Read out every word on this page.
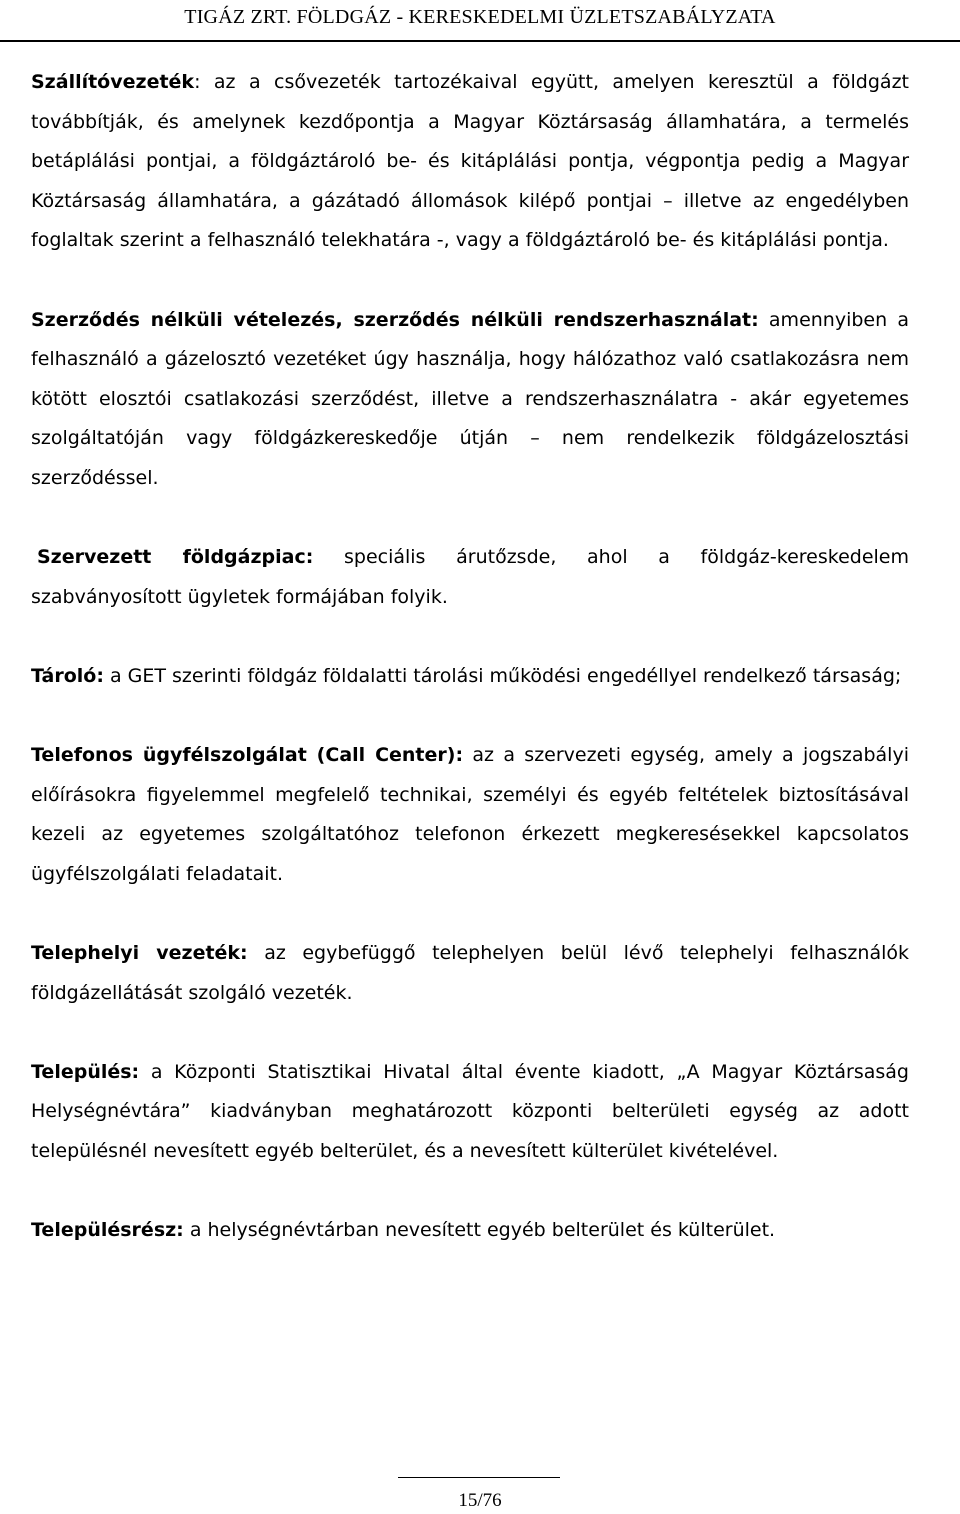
TIGÁZ ZRT. FÖLDGÁZ - KERESKEDELMI ÜZLETSZABÁLYZATA

Szállítóvezeték: az a csővezeték tartozékaival együtt, amelyen keresztül a földgázt továbbítják, és amelynek kezdőpontja a Magyar Köztársaság államhatára, a termelés betáplálási pontjai, a földgáztároló be- és kitáplálási pontja, végpontja pedig a Magyar Köztársaság államhatára, a gázátadó állomások kilépő pontjai – illetve az engedélyben foglaltak szerint a felhasználó telekhatára -, vagy a földgáztároló be- és kitáplálási pontja.

Szerződés nélküli vételezés, szerződés nélküli rendszerhasználat: amennyiben a felhasználó a gázelosztó vezetéket úgy használja, hogy hálózathoz való csatlakozásra nem kötött elosztói csatlakozási szerződést, illetve a rendszerhasználatra - akár egyetemes szolgáltatóján vagy földgázkereskedője útján – nem rendelkezik földgázelosztási szerződéssel.

Szervezett földgázpiac: speciális árutőzsde, ahol a földgáz-kereskedelem szabványosított ügyletek formájában folyik.

Tároló: a GET szerinti földgáz földalatti tárolási működési engedéllyel rendelkező társaság;

Telefonos ügyfélszolgálat (Call Center): az a szervezeti egység, amely a jogszabályi előírásokra figyelemmel megfelelő technikai, személyi és egyéb feltételek biztosításával kezeli az egyetemes szolgáltatóhoz telefonon érkezett megkeresésekkel kapcsolatos ügyfélszolgálati feladatait.

Telephelyi vezeték: az egybefüggő telephelyen belül lévő telephelyi felhasználók földgázellátását szolgáló vezeték.

Település: a Központi Statisztikai Hivatal által évente kiadott, „A Magyar Köztársaság Helységnévtára” kiadványban meghatározott központi belterületi egység az adott településnél nevesített egyéb belterület, és a nevesített külterület kivételével.

Településrész: a helységnévtárban nevesített egyéb belterület és külterület.

15/76
